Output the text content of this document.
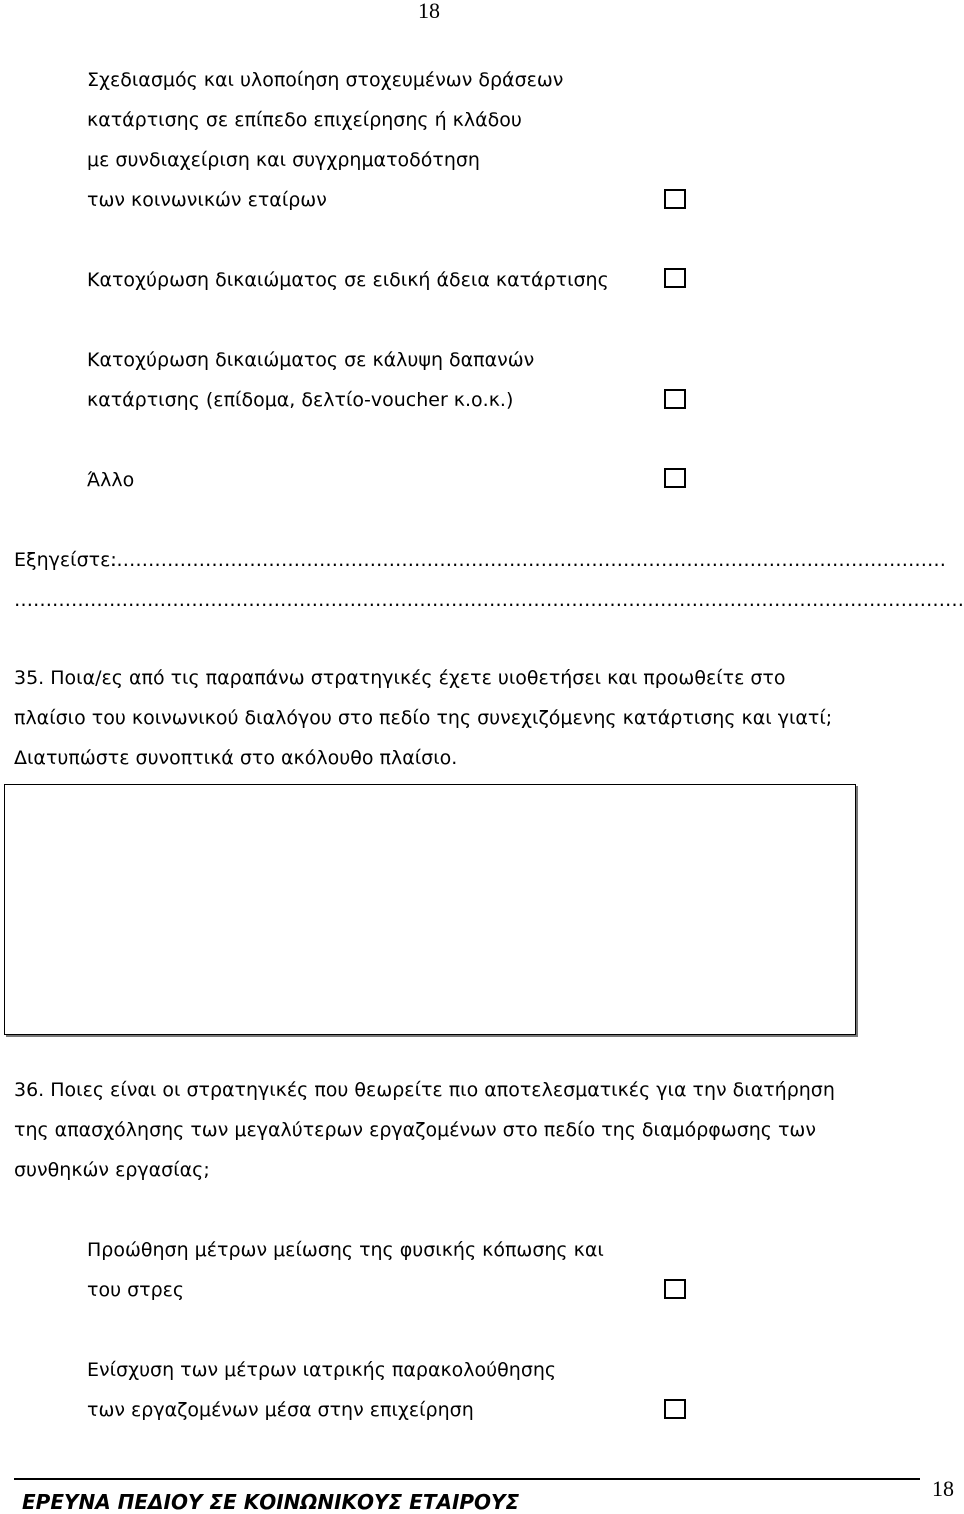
18
Σχεδιασμός και υλοποίηση στοχευμένων δράσεων
κατάρτισης σε επίπεδο επιχείρησης ή κλάδου
με συνδιαχείριση και συγχρηματοδότηση
των κοινωνικών εταίρων
Κατοχύρωση δικαιώματος σε ειδική άδεια κατάρτισης
Κατοχύρωση δικαιώματος σε κάλυψη δαπανών
κατάρτισης (επίδομα, δελτίο-voucher κ.ο.κ.)
Άλλο
Εξηγείστε:
……………………………………………………………………………………………………………………
……………………………………………………………………………………………………………………………………
35. Ποια/ες από τις παραπάνω στρατηγικές έχετε υιοθετήσει και προωθείτε στο
πλαίσιο του κοινωνικού διαλόγου στο πεδίο της συνεχιζόμενης κατάρτισης και γιατί;
Διατυπώστε συνοπτικά στο ακόλουθο πλαίσιο.
36. Ποιες είναι οι στρατηγικές που θεωρείτε πιο αποτελεσματικές για την διατήρηση
της απασχόλησης των μεγαλύτερων εργαζομένων στο πεδίο της διαμόρφωσης των
συνθηκών εργασίας;
Προώθηση μέτρων μείωσης της φυσικής κόπωσης και
του στρες
Ενίσχυση των μέτρων ιατρικής παρακολούθησης
των εργαζομένων μέσα στην επιχείρηση
ΕΡΕΥΝΑ ΠΕΔΙΟΥ ΣΕ ΚΟΙΝΩΝΙΚΟΥΣ ΕΤΑΙΡΟΥΣ
18
